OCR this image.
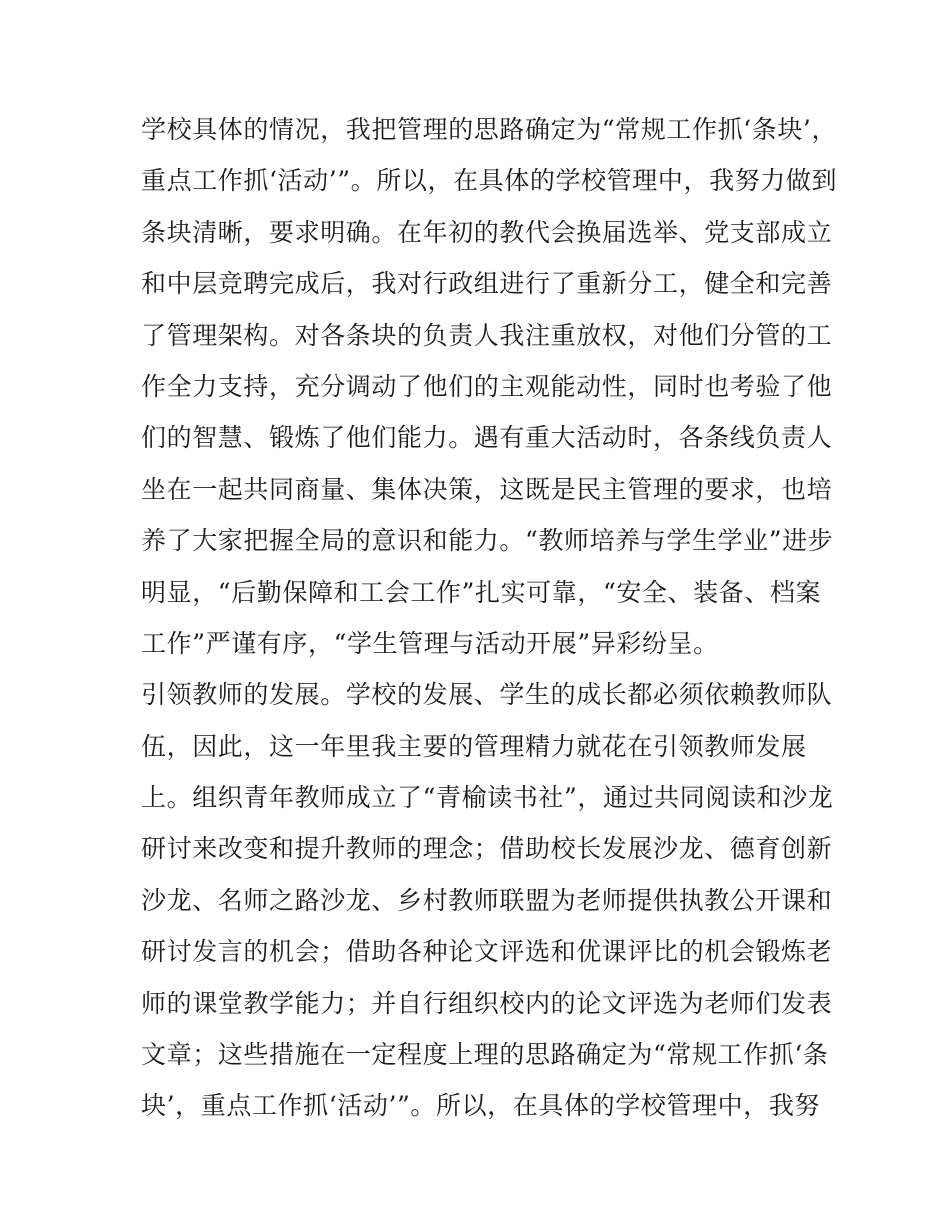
学校具体的情况，我把管理的思路确定为“常规工作抓‘条块’，
重点工作抓‘活动’”。所以，在具体的学校管理中，我努力做到
条块清晰，要求明确。在年初的教代会换届选举、党支部成立
和中层竞聘完成后，我对行政组进行了重新分工，健全和完善
了管理架构。对各条块的负责人我注重放权，对他们分管的工
作全力支持，充分调动了他们的主观能动性，同时也考验了他
们的智慧、锻炼了他们能力。遇有重大活动时，各条线负责人
坐在一起共同商量、集体决策，这既是民主管理的要求，也培
养了大家把握全局的意识和能力。“教师培养与学生学业”进步
明显，“后勤保障和工会工作”扎实可靠，“安全、装备、档案
工作”严谨有序，“学生管理与活动开展”异彩纷呈。
引领教师的发展。学校的发展、学生的成长都必须依赖教师队
伍，因此，这一年里我主要的管理精力就花在引领教师发展
上。组织青年教师成立了“青榆读书社”，通过共同阅读和沙龙
研讨来改变和提升教师的理念；借助校长发展沙龙、德育创新
沙龙、名师之路沙龙、乡村教师联盟为老师提供执教公开课和
研讨发言的机会；借助各种论文评选和优课评比的机会锻炼老
师的课堂教学能力；并自行组织校内的论文评选为老师们发表
文章；这些措施在一定程度上理的思路确定为“常规工作抓‘条
块’，重点工作抓‘活动’”。所以，在具体的学校管理中，我努
